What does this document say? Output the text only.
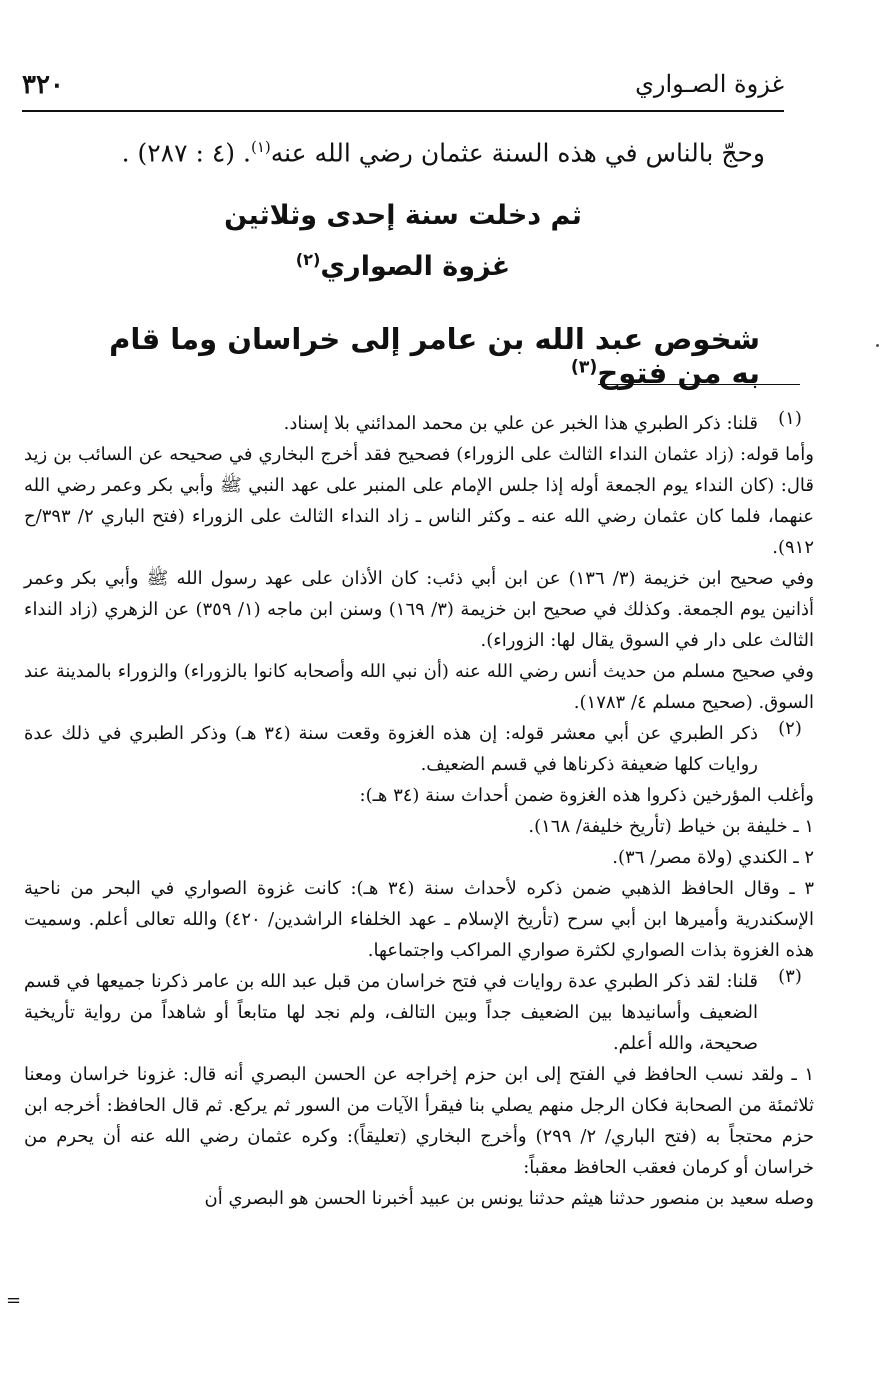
٣٢٠	غزوة الصـواري
وحجّ بالناس في هذه السنة عثمان رضي الله عنه$^{(١)}$. (٤ : ٢٨٧) .
ثم دخلت سنة إحدى وثلاثين
غزوة الصواري$^{(٢)}$
شخوص عبد الله بن عامر إلى خراسان وما قام به من فتوح$^{(٣)}$
(١)

قلنا: ذكر الطبري هذا الخبر عن علي بن محمد المدائني بلا إسناد.

وأما قوله: (زاد عثمان النداء الثالث على الزوراء) فصحيح فقد أخرج البخاري في صحيحه عن السائب بن زيد قال: (كان النداء يوم الجمعة أوله إذا جلس الإمام على المنبر على عهد النبي ﷺ وأبي بكر وعمر رضي الله عنهما، فلما كان عثمان رضي الله عنه ـ وكثر الناس ـ زاد النداء الثالث على الزوراء (فتح الباري ٢/ ٣٩٣/ح ٩١٢).

وفي صحيح ابن خزيمة (٣/ ١٣٦) عن ابن أبي ذئب: كان الأذان على عهد رسول الله ﷺ وأبي بكر وعمر أذانين يوم الجمعة. وكذلك في صحيح ابن خزيمة (٣/ ١٦٩) وسنن ابن ماجه (١/ ٣٥٩) عن الزهري (زاد النداء الثالث على دار في السوق يقال لها: الزوراء).

وفي صحيح مسلم من حديث أنس رضي الله عنه (أن نبي الله وأصحابه كانوا بالزوراء) والزوراء بالمدينة عند السوق. (صحيح مسلم ٤/ ١٧٨٣).

(٢)

ذكر الطبري عن أبي معشر قوله: إن هذه الغزوة وقعت سنة (٣٤ هـ) وذكر الطبري في ذلك عدة روايات كلها ضعيفة ذكرناها في قسم الضعيف.

وأغلب المؤرخين ذكروا هذه الغزوة ضمن أحداث سنة (٣٤ هـ):

١ ـ خليفة بن خياط (تأريخ خليفة/ ١٦٨).

٢ ـ الكندي (ولاة مصر/ ٣٦).

٣ ـ وقال الحافظ الذهبي ضمن ذكره لأحداث سنة (٣٤ هـ): كانت غزوة الصواري في البحر من ناحية الإسكندرية وأميرها ابن أبي سرح (تأريخ الإسلام ـ عهد الخلفاء الراشدين/ ٤٢٠) والله تعالى أعلم. وسميت هذه الغزوة بذات الصواري لكثرة صواري المراكب واجتماعها.

(٣)

قلنا: لقد ذكر الطبري عدة روايات في فتح خراسان من قبل عبد الله بن عامر ذكرنا جميعها في قسم الضعيف وأسانيدها بين الضعيف جداً وبين التالف، ولم نجد لها متابعاً أو شاهداً من رواية تأريخية صحيحة، والله أعلم.

١ ـ ولقد نسب الحافظ في الفتح إلى ابن حزم إخراجه عن الحسن البصري أنه قال: غزونا خراسان ومعنا ثلاثمئة من الصحابة فكان الرجل منهم يصلي بنا فيقرأ الآيات من السور ثم يركع. ثم قال الحافظ: أخرجه ابن حزم محتجاً به (فتح الباري/ ٢/ ٢٩٩) وأخرج البخاري (تعليقاً): وكره عثمان رضي الله عنه أن يحرم من خراسان أو كرمان فعقب الحافظ معقباً:

وصله سعيد بن منصور حدثنا هيثم حدثنا يونس بن عبيد أخبرنا الحسن هو البصري أن

=
